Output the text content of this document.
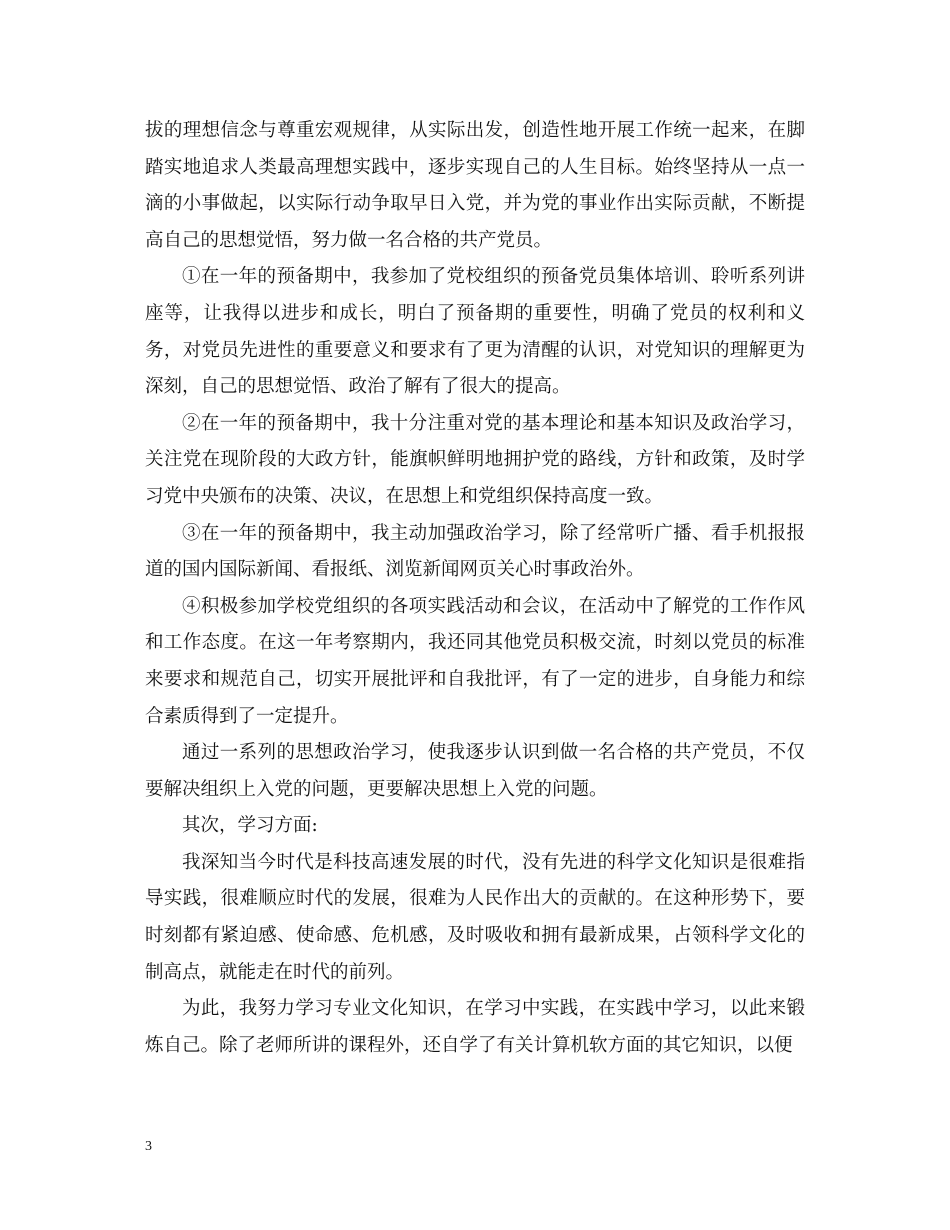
拔的理想信念与尊重宏观规律，从实际出发，创造性地开展工作统一起来，在脚踏实地追求人类最高理想实践中，逐步实现自己的人生目标。始终坚持从一点一滴的小事做起，以实际行动争取早日入党，并为党的事业作出实际贡献，不断提高自己的思想觉悟，努力做一名合格的共产党员。

①在一年的预备期中，我参加了党校组织的预备党员集体培训、聆听系列讲座等，让我得以进步和成长，明白了预备期的重要性，明确了党员的权利和义务，对党员先进性的重要意义和要求有了更为清醒的认识，对党知识的理解更为深刻，自己的思想觉悟、政治了解有了很大的提高。

②在一年的预备期中，我十分注重对党的基本理论和基本知识及政治学习，关注党在现阶段的大政方针，能旗帜鲜明地拥护党的路线，方针和政策，及时学习党中央颁布的决策、决议，在思想上和党组织保持高度一致。

③在一年的预备期中，我主动加强政治学习，除了经常听广播、看手机报报道的国内国际新闻、看报纸、浏览新闻网页关心时事政治外。

④积极参加学校党组织的各项实践活动和会议，在活动中了解党的工作作风和工作态度。在这一年考察期内，我还同其他党员积极交流，时刻以党员的标准来要求和规范自己，切实开展批评和自我批评，有了一定的进步，自身能力和综合素质得到了一定提升。

通过一系列的思想政治学习，使我逐步认识到做一名合格的共产党员，不仅要解决组织上入党的问题，更要解决思想上入党的问题。

其次，学习方面:

我深知当今时代是科技高速发展的时代，没有先进的科学文化知识是很难指导实践，很难顺应时代的发展，很难为人民作出大的贡献的。在这种形势下，要时刻都有紧迫感、使命感、危机感，及时吸收和拥有最新成果，占领科学文化的制高点，就能走在时代的前列。

为此，我努力学习专业文化知识，在学习中实践，在实践中学习，以此来锻炼自己。除了老师所讲的课程外，还自学了有关计算机软方面的其它知识，以便

3
